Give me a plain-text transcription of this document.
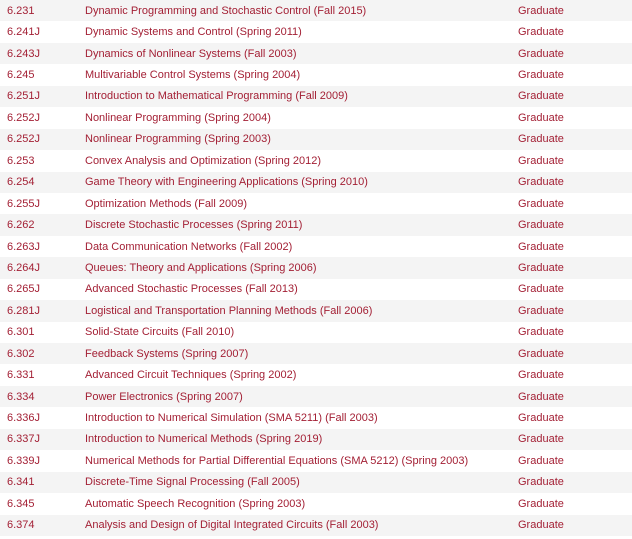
6.231	Dynamic Programming and Stochastic Control (Fall 2015)	Graduate
6.241J	Dynamic Systems and Control (Spring 2011)	Graduate
6.243J	Dynamics of Nonlinear Systems (Fall 2003)	Graduate
6.245	Multivariable Control Systems (Spring 2004)	Graduate
6.251J	Introduction to Mathematical Programming (Fall 2009)	Graduate
6.252J	Nonlinear Programming (Spring 2004)	Graduate
6.252J	Nonlinear Programming (Spring 2003)	Graduate
6.253	Convex Analysis and Optimization (Spring 2012)	Graduate
6.254	Game Theory with Engineering Applications (Spring 2010)	Graduate
6.255J	Optimization Methods (Fall 2009)	Graduate
6.262	Discrete Stochastic Processes (Spring 2011)	Graduate
6.263J	Data Communication Networks (Fall 2002)	Graduate
6.264J	Queues: Theory and Applications (Spring 2006)	Graduate
6.265J	Advanced Stochastic Processes (Fall 2013)	Graduate
6.281J	Logistical and Transportation Planning Methods (Fall 2006)	Graduate
6.301	Solid-State Circuits (Fall 2010)	Graduate
6.302	Feedback Systems (Spring 2007)	Graduate
6.331	Advanced Circuit Techniques (Spring 2002)	Graduate
6.334	Power Electronics (Spring 2007)	Graduate
6.336J	Introduction to Numerical Simulation (SMA 5211) (Fall 2003)	Graduate
6.337J	Introduction to Numerical Methods (Spring 2019)	Graduate
6.339J	Numerical Methods for Partial Differential Equations (SMA 5212) (Spring 2003)	Graduate
6.341	Discrete-Time Signal Processing (Fall 2005)	Graduate
6.345	Automatic Speech Recognition (Spring 2003)	Graduate
6.374	Analysis and Design of Digital Integrated Circuits (Fall 2003)	Graduate
